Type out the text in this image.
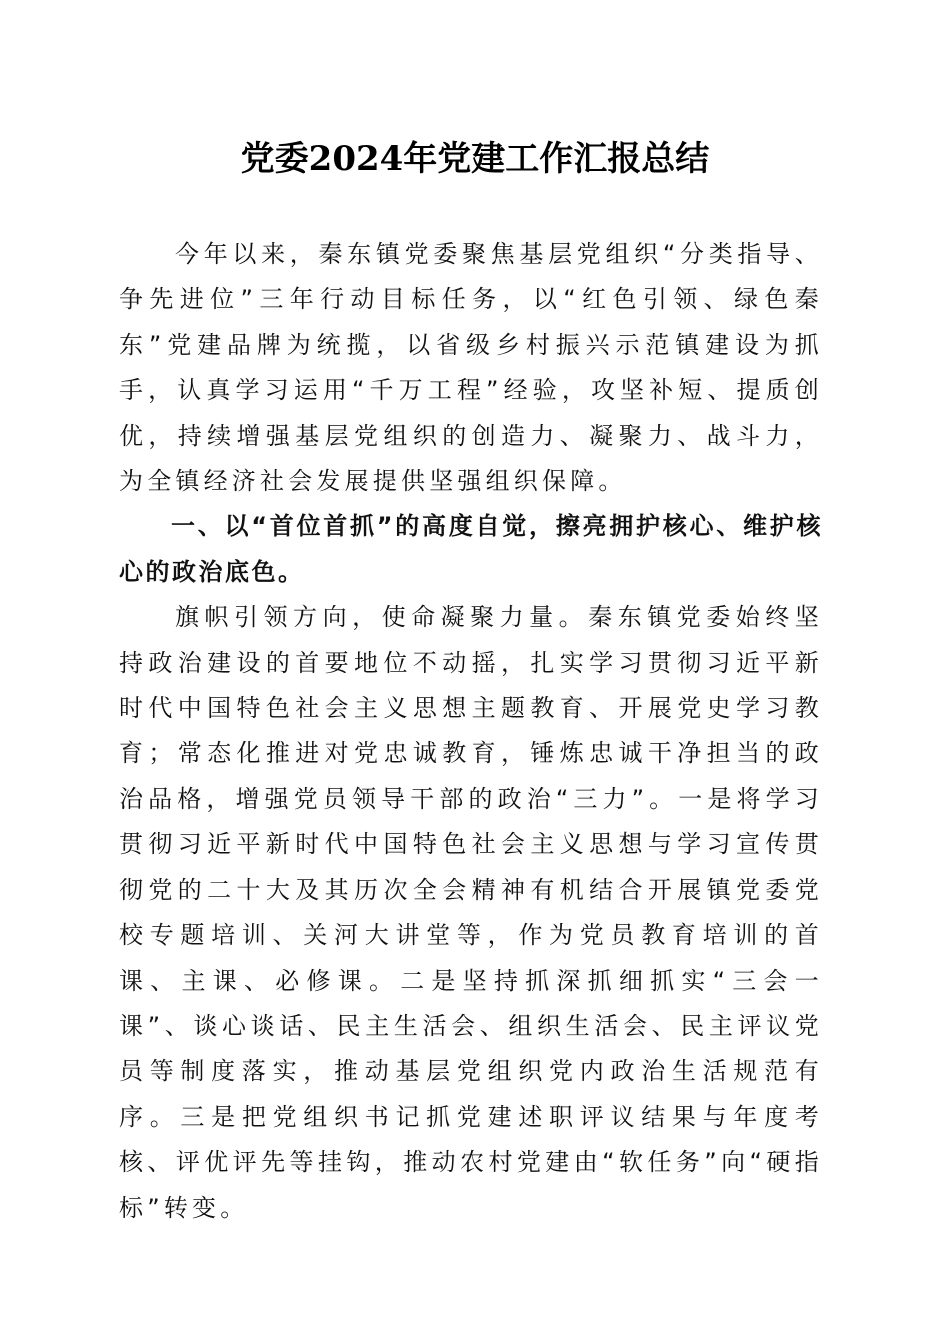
党委2024年党建工作汇报总结

今年以来，秦东镇党委聚焦基层党组织“分类指导、争先进位”三年行动目标任务，以“红色引领、绿色秦东”党建品牌为统揽，以省级乡村振兴示范镇建设为抓手，认真学习运用“千万工程”经验，攻坚补短、提质创优，持续增强基层党组织的创造力、凝聚力、战斗力，为全镇经济社会发展提供坚强组织保障。

一、以“首位首抓”的高度自觉，擦亮拥护核心、维护核心的政治底色。

旗帜引领方向，使命凝聚力量。秦东镇党委始终坚持政治建设的首要地位不动摇，扎实学习贯彻习近平新时代中国特色社会主义思想主题教育、开展党史学习教育；常态化推进对党忠诚教育，锤炼忠诚干净担当的政治品格，增强党员领导干部的政治“三力”。一是将学习贯彻习近平新时代中国特色社会主义思想与学习宣传贯彻党的二十大及其历次全会精神有机结合开展镇党委党校专题培训、关河大讲堂等，作为党员教育培训的首课、主课、必修课。二是坚持抓深抓细抓实“三会一课”、谈心谈话、民主生活会、组织生活会、民主评议党员等制度落实，推动基层党组织党内政治生活规范有序。三是把党组织书记抓党建述职评议结果与年度考核、评优评先等挂钩，推动农村党建由“软任务”向“硬指标”转变。
